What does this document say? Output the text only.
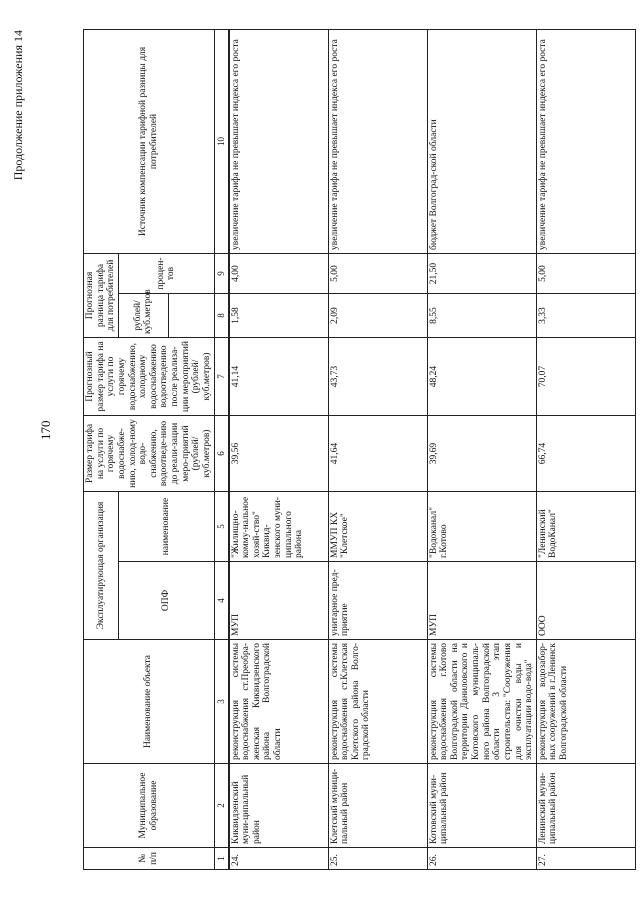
170
Продолжение приложения 14
№ п/п	Муниципальное образование	Наименование объекта	Эксплуатирующая организация		Размер тарифа на услуги по горячему водоснабже-нию, холод-ному водо-снабжению, водоотведе-нию до реали-зации меро-приятий (рублей/ куб.метров)	Прогнозный размер тарифа на услуги по горячему водоснабжению, холодному водоснабжению водоотведению после реализа-ции мероприятий (рублей/ куб.метров)	Прогнозная разница тарифа для потребителей		Источник компенсации тарифной разницы для потребителей
			ОПФ	наименование			рублей/ куб.метров	процен-тов	

1	2	3	4	5	6	7	8	9	10
24.	Киквидзенский муни-ципальный район	реконструкция системы водоснабжения ст.Преобра-женская Киквидзенского района Волгоградской области	МУП	"Жилищно-комму-нальное хозяй-ство" Киквид-зенского муни-ципального района	39,56	41,14	1,58	4,00	увеличение тарифа не превышает индекса его роста
25.	Клетский муници-пальный район	реконструкция системы водоснабжения ст.Клетская Клетского района Волго-градской области	унитарное пред-приятие	ММУП КХ "Клетское"	41,64	43,73	2,09	5,00	увеличение тарифа не превышает индекса его роста
26.	Котовский муни-ципальный район	реконструкция системы водоснабжения г.Котово Волгоградской области на территории Даниловского и Котовского муниципаль-ного района Волгоградской области 3 этап строительства: "Сооружения для очистки воды и эксплуатации водо-вода"	МУП	"Водоканал" г.Котово	39,69	48,24	8,55	21,50	бюджет Волгоград-ской области
27.	Ленинский муни-ципальный район	реконструкция водозабор-ных сооружений в г.Ленинск Волгоградской области	ООО	"Ленинский ВодоКанал"	66,74	70,07	3,33	5,00	увеличение тарифа не превышает индекса его роста
